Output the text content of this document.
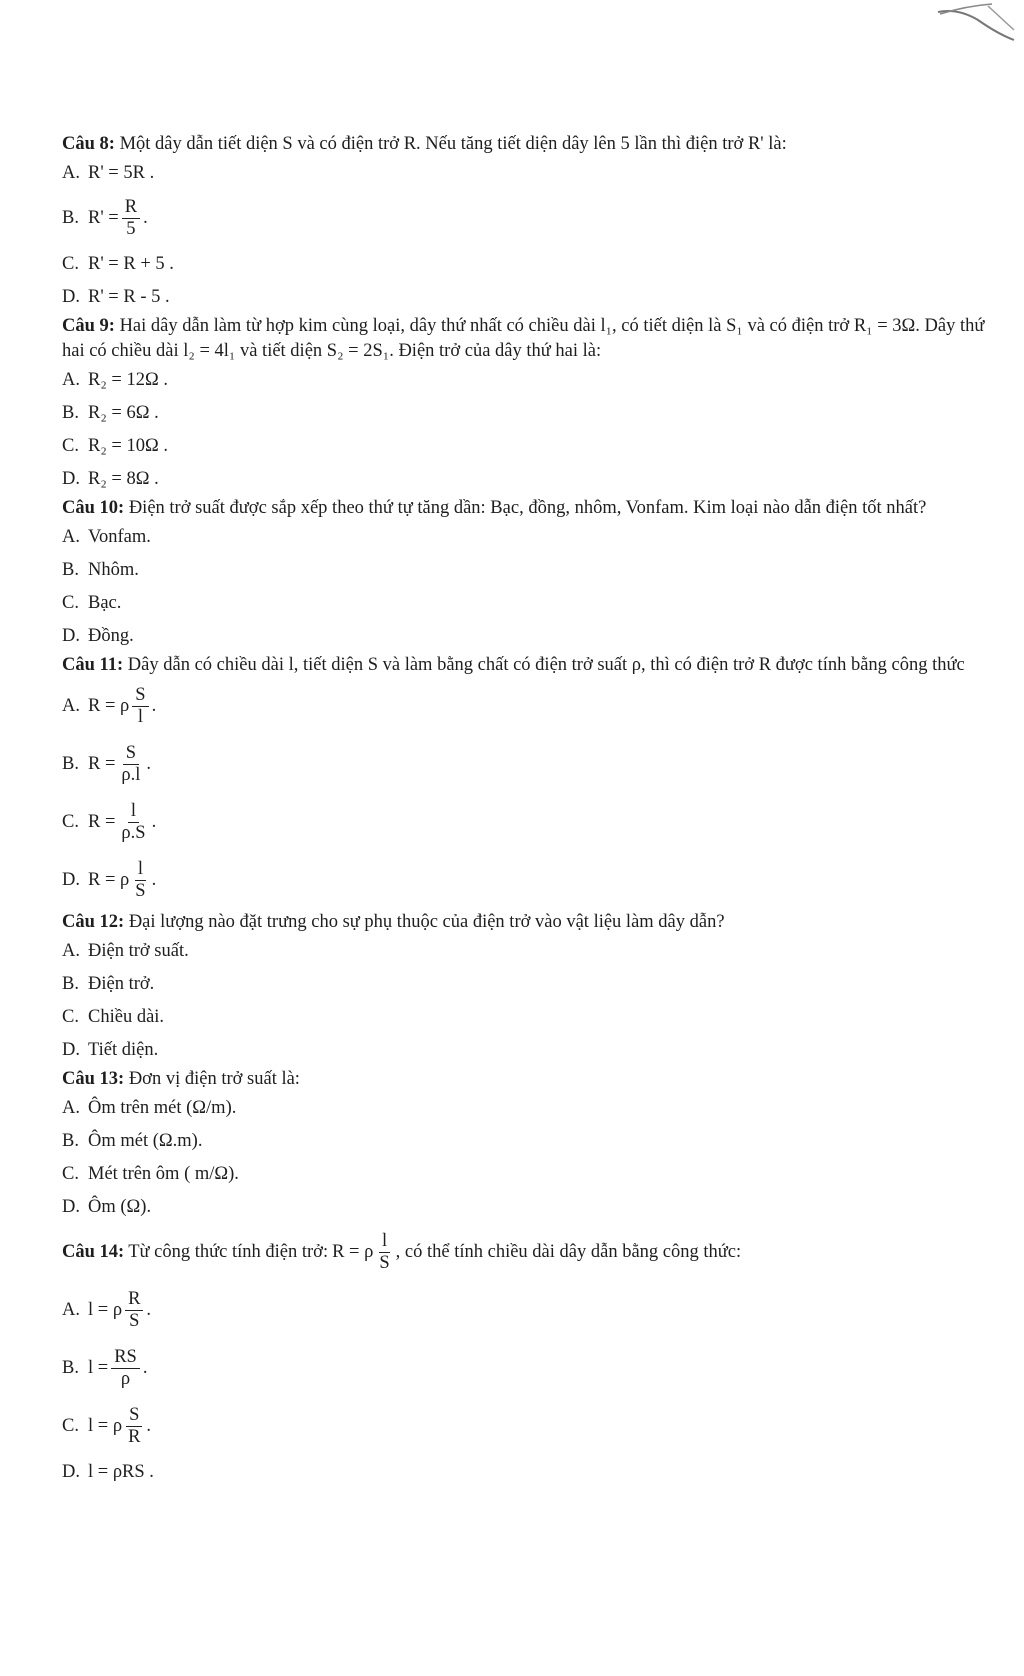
Câu 8: Một dây dẫn tiết diện S và có điện trở R. Nếu tăng tiết diện dây lên 5 lần thì điện trở R' là:
A. R' = 5R .
B. $R' = \frac{R}{5}$ .
C. R' = R + 5 .
D. R' = R - 5 .
Câu 9: Hai dây dẫn làm từ hợp kim cùng loại, dây thứ nhất có chiều dài l₁, có tiết diện là S₁ và có điện trở R₁ = 3Ω. Dây thứ hai có chiều dài l₂ = 4l₁ và tiết diện S₂ = 2S₁. Điện trở của dây thứ hai là:
A. R₂ = 12Ω .
B. R₂ = 6Ω .
C. R₂ = 10Ω .
D. R₂ = 8Ω .
Câu 10: Điện trở suất được sắp xếp theo thứ tự tăng dần: Bạc, đồng, nhôm, Vonfam. Kim loại nào dẫn điện tốt nhất?
A. Vonfam.
B. Nhôm.
C. Bạc.
D. Đồng.
Câu 11: Dây dẫn có chiều dài l, tiết diện S và làm bằng chất có điện trở suất ρ, thì có điện trở R được tính bằng công thức
A. R = ρ $\frac{S}{l}$ .
B. $R = \frac{S}{\rho.l}$ .
C. $R = \frac{l}{\rho.S}$ .
D. R = ρ $\frac{l}{S}$ .
Câu 12: Đại lượng nào đặt trưng cho sự phụ thuộc của điện trở vào vật liệu làm dây dẫn?
A. Điện trở suất.
B. Điện trở.
C. Chiều dài.
D. Tiết diện.
Câu 13: Đơn vị điện trở suất là:
A. Ôm trên mét (Ω/m).
B. Ôm mét (Ω.m).
C. Mét trên ôm ( m/Ω).
D. Ôm (Ω).
Câu 14: Từ công thức tính điện trở: R = ρ $\frac{l}{S}$ , có thể tính chiều dài dây dẫn bằng công thức:
A. l = ρ $\frac{R}{S}$ .
B. $l = \frac{RS}{\rho}$ .
C. l = ρ $\frac{S}{R}$ .
D. l = ρRS .
